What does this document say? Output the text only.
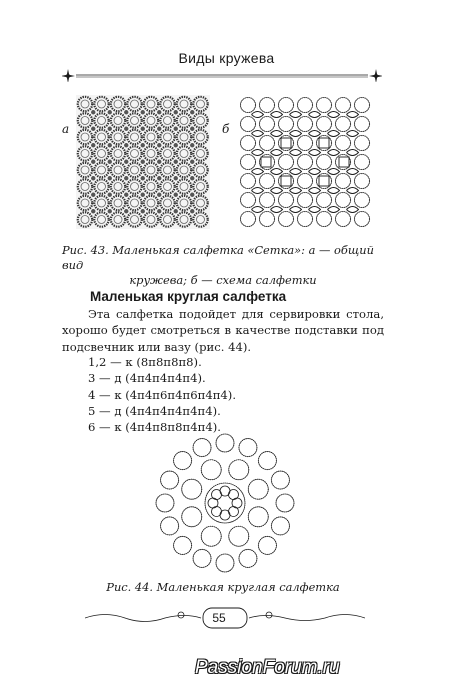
Виды кружева
а	б
Рис. 43. Маленькая салфетка «Сетка»: а — общий вид
кружева; б — схема салфетки
Маленькая круглая салфетка
Эта салфетка подойдет для сервировки стола, хорошо будет смотреться в качестве подставки под подсвечник или вазу (рис. 44).
1,2 — к (8п8п8п8).
3 — д (4п4п4п4п4).
4 — к (4п4п6п4п6п4п4).
5 — д (4п4п4п4п4п4).
6 — к (4п4п8п8п4п4).
Рис. 44. Маленькая круглая салфетка
55
PassionForum.ru
